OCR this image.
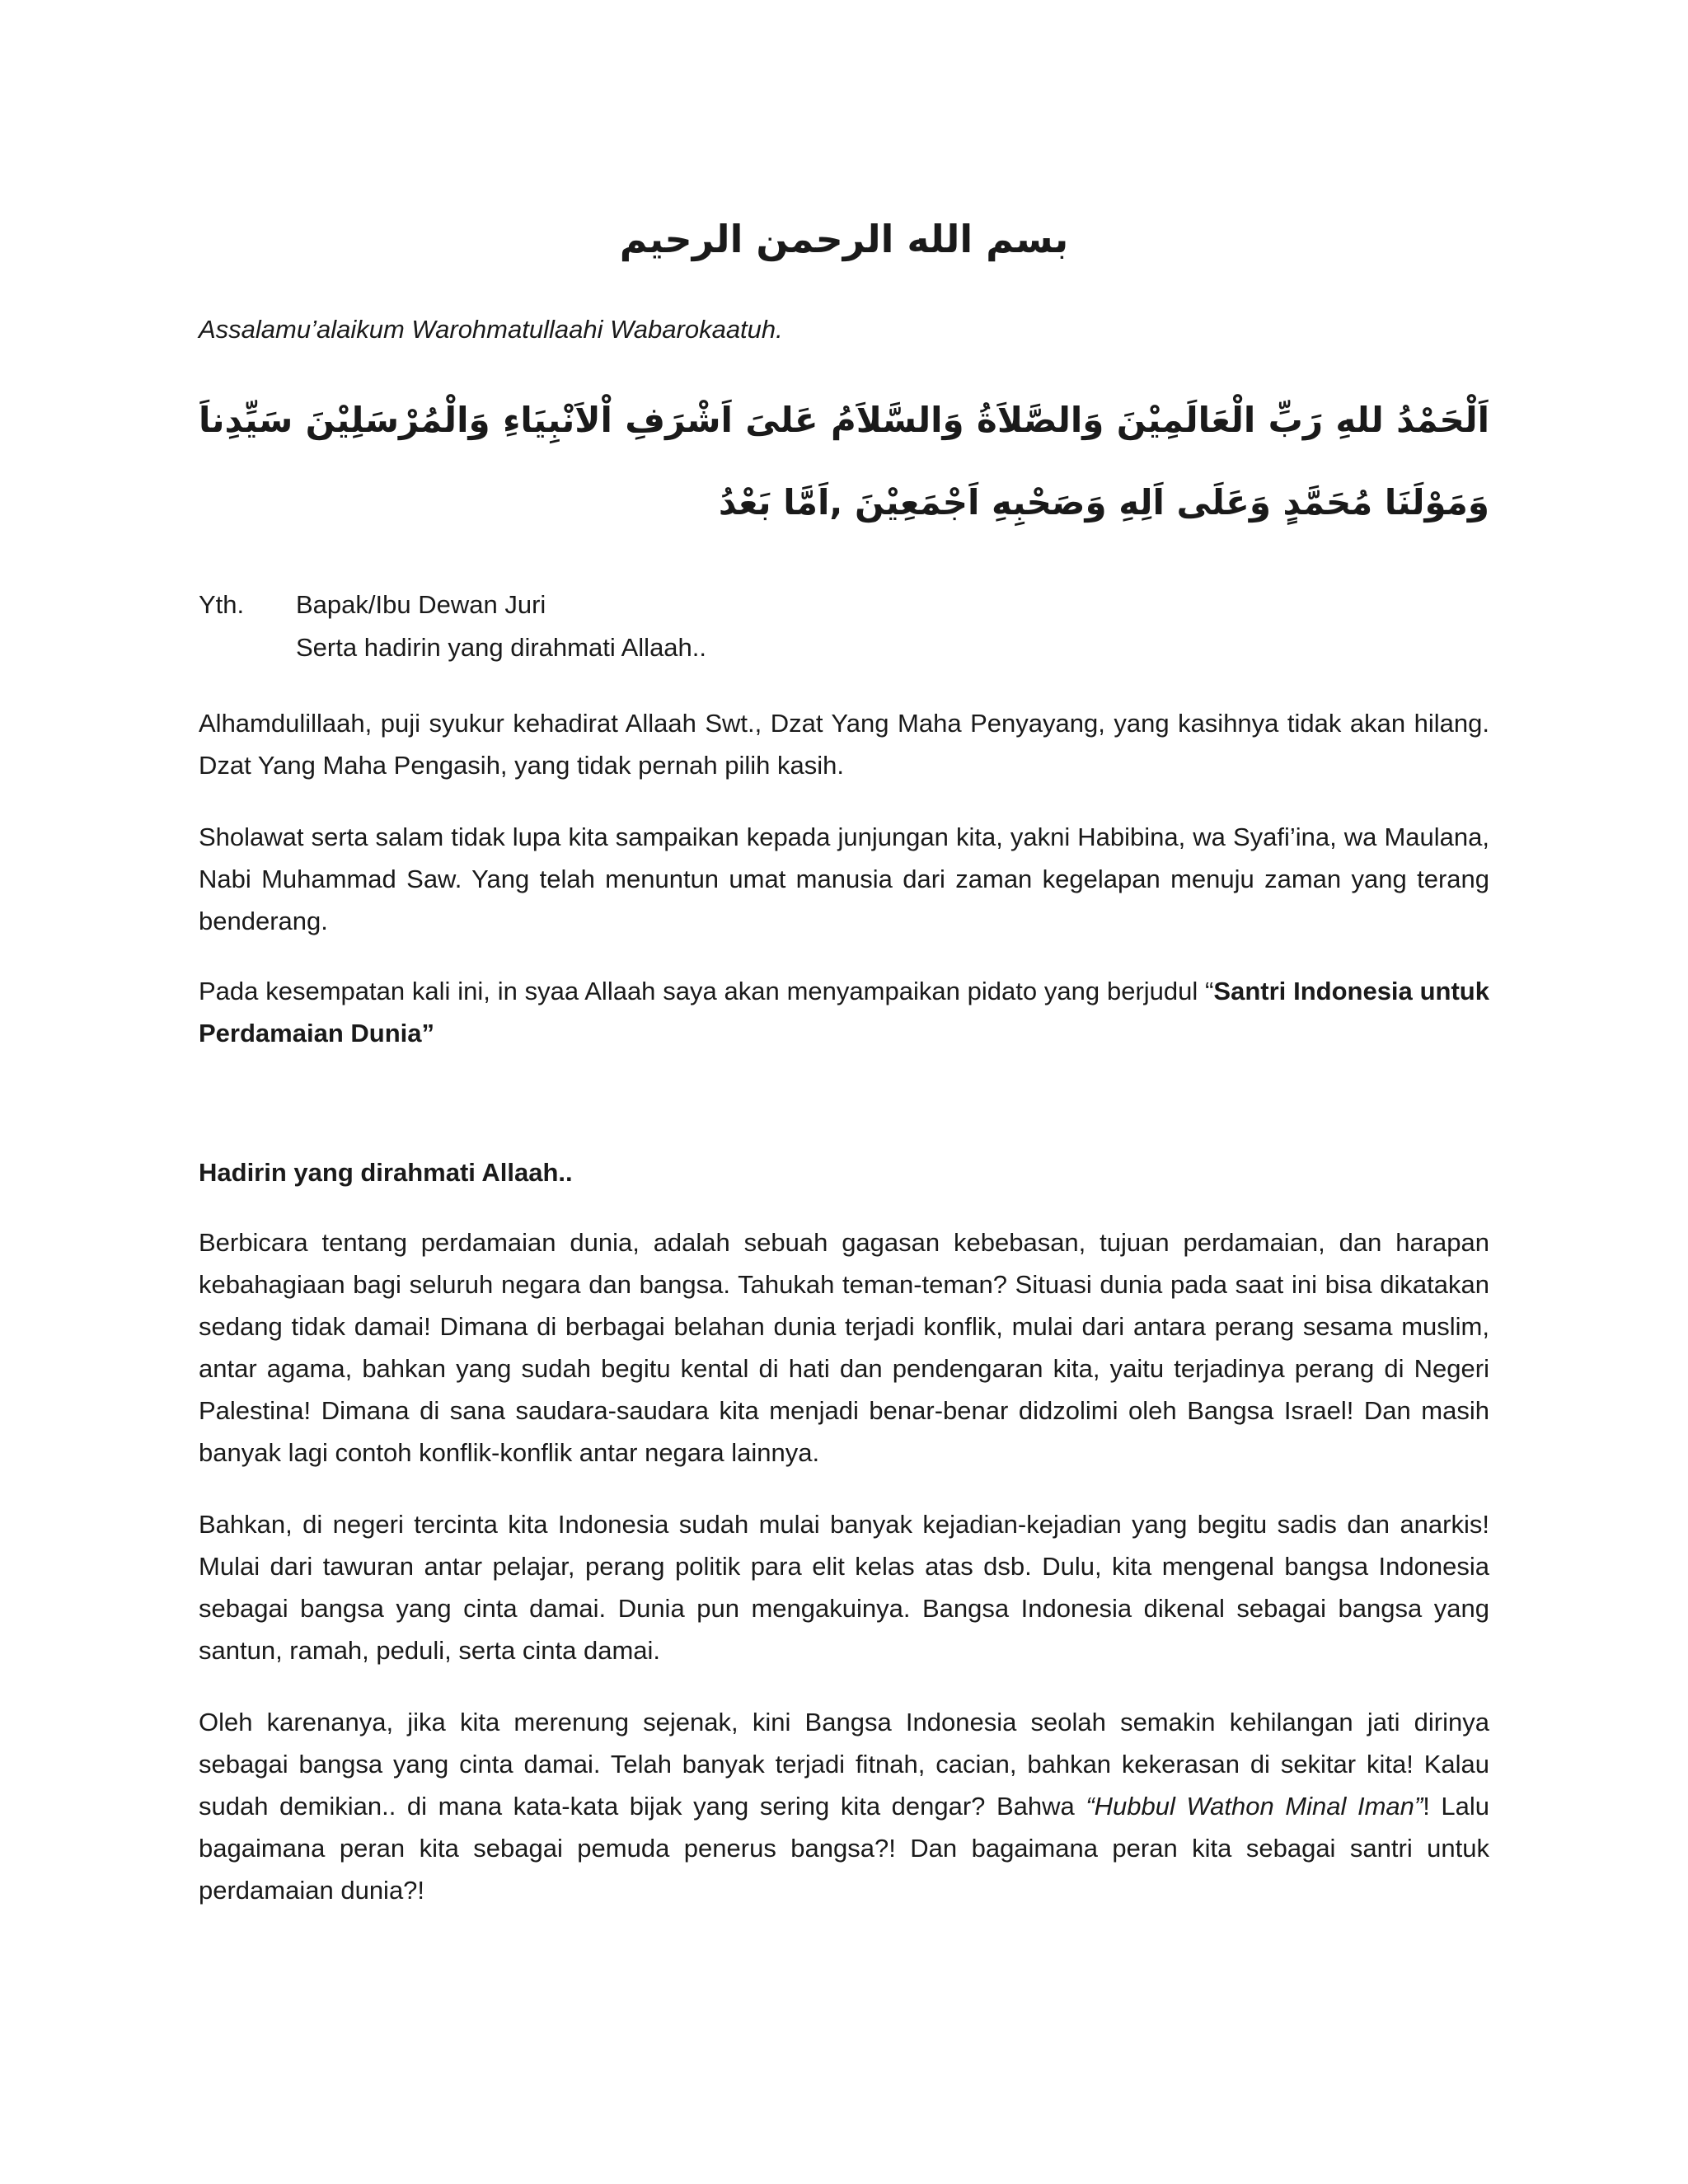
بسم الله الرحمن الرحيم
Assalamu’alaikum Warohmatullaahi Wabarokaatuh.
اَلْحَمْدُ للهِ رَبِّ الْعَالَمِيْنَ وَالصَّلاَةُ وَالسَّلاَمُ عَلىَ اَشْرَفِ اْلاَنْبِيَاءِ وَالْمُرْسَلِيْنَ سَيِّدِناَ وَمَوْلَنَا مُحَمَّدٍ وَعَلَى اَلِهِ وَصَحْبِهِ اَجْمَعِيْنَ ,اَمَّا بَعْدُ
Yth.	Bapak/Ibu Dewan Juri
Serta hadirin yang dirahmati Allaah..

Alhamdulillaah, puji syukur kehadirat Allaah Swt., Dzat Yang Maha Penyayang, yang kasihnya tidak akan hilang. Dzat Yang Maha Pengasih, yang tidak pernah pilih kasih.

Sholawat serta salam tidak lupa kita sampaikan kepada junjungan kita, yakni Habibina, wa Syafi’ina, wa Maulana, Nabi Muhammad Saw. Yang telah menuntun umat manusia dari zaman kegelapan menuju zaman yang terang benderang.

Pada kesempatan kali ini, in syaa Allaah saya akan menyampaikan pidato yang berjudul “Santri Indonesia untuk Perdamaian Dunia”

Hadirin yang dirahmati Allaah..

Berbicara tentang perdamaian dunia, adalah sebuah gagasan kebebasan, tujuan perdamaian, dan harapan kebahagiaan bagi seluruh negara dan bangsa. Tahukah teman-teman? Situasi dunia pada saat ini bisa dikatakan sedang tidak damai! Dimana di berbagai belahan dunia terjadi konflik, mulai dari antara perang sesama muslim, antar agama, bahkan yang sudah begitu kental di hati dan pendengaran kita, yaitu terjadinya perang di Negeri Palestina! Dimana di sana saudara-saudara kita menjadi benar-benar didzolimi oleh Bangsa Israel! Dan masih banyak lagi contoh konflik-konflik antar negara lainnya.

Bahkan, di negeri tercinta kita Indonesia sudah mulai banyak kejadian-kejadian yang begitu sadis dan anarkis! Mulai dari tawuran antar pelajar, perang politik para elit kelas atas dsb. Dulu, kita mengenal bangsa Indonesia sebagai bangsa yang cinta damai. Dunia pun mengakuinya. Bangsa Indonesia dikenal sebagai bangsa yang santun, ramah, peduli, serta cinta damai.

Oleh karenanya, jika kita merenung sejenak, kini Bangsa Indonesia seolah semakin kehilangan jati dirinya sebagai bangsa yang cinta damai. Telah banyak terjadi fitnah, cacian, bahkan kekerasan di sekitar kita! Kalau sudah demikian.. di mana kata-kata bijak yang sering kita dengar? Bahwa “Hubbul Wathon Minal Iman”! Lalu bagaimana peran kita sebagai pemuda penerus bangsa?! Dan bagaimana peran kita sebagai santri untuk perdamaian dunia?!
